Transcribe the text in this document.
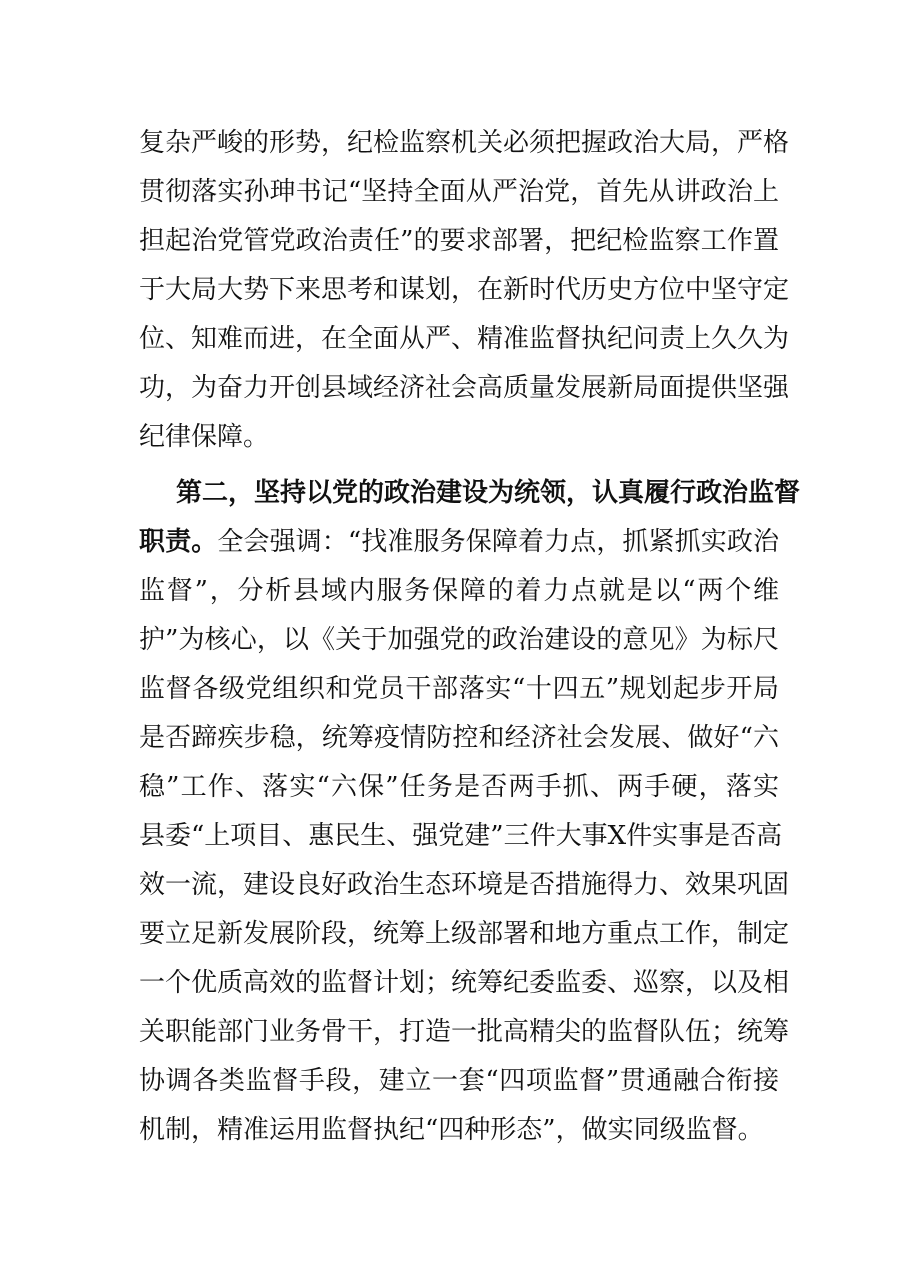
复杂严峻的形势，纪检监察机关必须把握政治大局，严格
贯彻落实孙珅书记“坚持全面从严治党，首先从讲政治上
担起治党管党政治责任”的要求部署，把纪检监察工作置
于大局大势下来思考和谋划，在新时代历史方位中坚守定
位、知难而进，在全面从严、精准监督执纪问责上久久为
功，为奋力开创县域经济社会高质量发展新局面提供坚强
纪律保障。
第二，坚持以党的政治建设为统领，认真履行政治监督
职责。全会强调：“找准服务保障着力点，抓紧抓实政治
监督”，分析县域内服务保障的着力点就是以“两个维
护”为核心，以《关于加强党的政治建设的意见》为标尺
监督各级党组织和党员干部落实“十四五”规划起步开局
是否蹄疾步稳，统筹疫情防控和经济社会发展、做好“六
稳”工作、落实“六保”任务是否两手抓、两手硬，落实
县委“上项目、惠民生、强党建”三件大事X件实事是否高
效一流，建设良好政治生态环境是否措施得力、效果巩固
要立足新发展阶段，统筹上级部署和地方重点工作，制定
一个优质高效的监督计划；统筹纪委监委、巡察，以及相
关职能部门业务骨干，打造一批高精尖的监督队伍；统筹
协调各类监督手段，建立一套“四项监督”贯通融合衔接
机制，精准运用监督执纪“四种形态”，做实同级监督。
